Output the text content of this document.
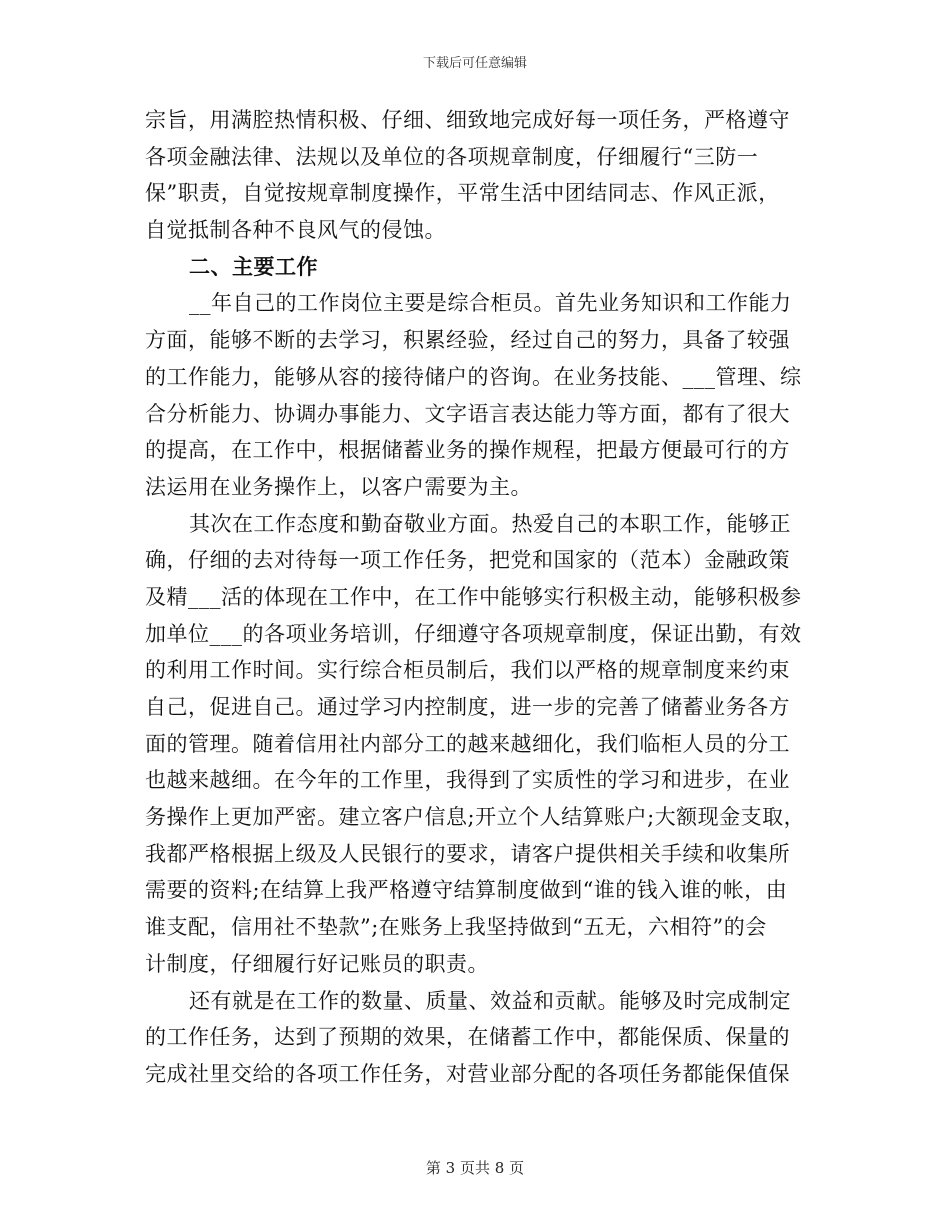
下载后可任意编辑
宗旨，用满腔热情积极、仔细、细致地完成好每一项任务，严格遵守
各项金融法律、法规以及单位的各项规章制度，仔细履行“三防一
保”职责，自觉按规章制度操作，平常生活中团结同志、作风正派，
自觉抵制各种不良风气的侵蚀。
二、主要工作
__年自己的工作岗位主要是综合柜员。首先业务知识和工作能力
方面，能够不断的去学习，积累经验，经过自己的努力，具备了较强
的工作能力，能够从容的接待储户的咨询。在业务技能、___管理、综
合分析能力、协调办事能力、文字语言表达能力等方面，都有了很大
的提高，在工作中，根据储蓄业务的操作规程，把最方便最可行的方
法运用在业务操作上，以客户需要为主。
其次在工作态度和勤奋敬业方面。热爱自己的本职工作，能够正
确，仔细的去对待每一项工作任务，把党和国家的（范本）金融政策
及精___活的体现在工作中，在工作中能够实行积极主动，能够积极参
加单位___的各项业务培训，仔细遵守各项规章制度，保证出勤，有效
的利用工作时间。实行综合柜员制后，我们以严格的规章制度来约束
自己，促进自己。通过学习内控制度，进一步的完善了储蓄业务各方
面的管理。随着信用社内部分工的越来越细化，我们临柜人员的分工
也越来越细。在今年的工作里，我得到了实质性的学习和进步，在业
务操作上更加严密。建立客户信息;开立个人结算账户;大额现金支取，
我都严格根据上级及人民银行的要求，请客户提供相关手续和收集所
需要的资料;在结算上我严格遵守结算制度做到“谁的钱入谁的帐，由
谁支配，信用社不垫款”;在账务上我坚持做到“五无，六相符”的会
计制度，仔细履行好记账员的职责。
还有就是在工作的数量、质量、效益和贡献。能够及时完成制定
的工作任务，达到了预期的效果，在储蓄工作中，都能保质、保量的
完成社里交给的各项工作任务，对营业部分配的各项任务都能保值保
第 3 页共 8 页
